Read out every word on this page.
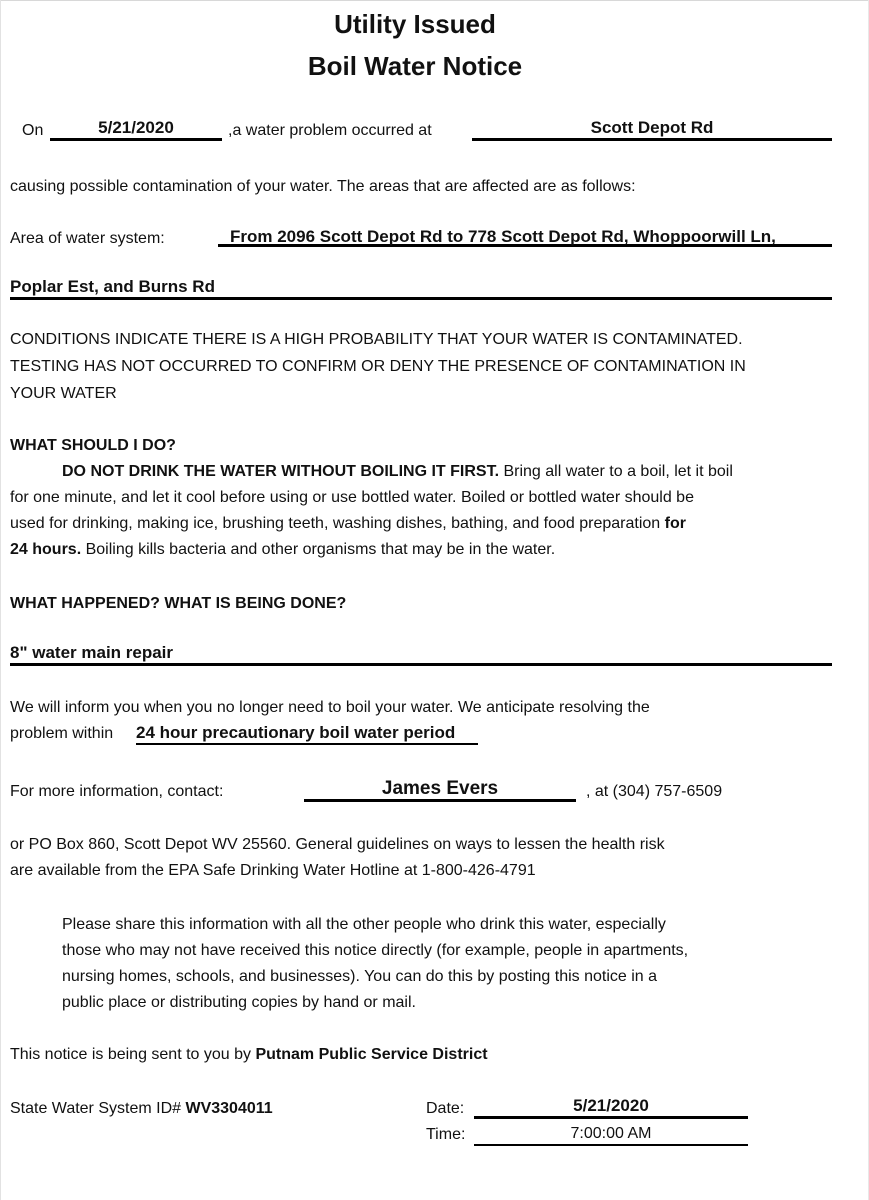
Utility Issued
Boil Water Notice
On	5/21/2020	,a water problem occurred at	Scott Depot Rd
causing possible contamination of your water. The areas that are affected are as follows:
Area of water system:	From 2096 Scott Depot Rd to 778 Scott Depot Rd, Whoppoorwill Ln,
Poplar Est, and Burns Rd
CONDITIONS INDICATE THERE IS A HIGH PROBABILITY THAT YOUR WATER IS CONTAMINATED.
TESTING HAS NOT OCCURRED TO CONFIRM OR DENY THE PRESENCE OF CONTAMINATION IN
YOUR WATER
WHAT SHOULD I DO?
DO NOT DRINK THE WATER WITHOUT BOILING IT FIRST. Bring all water to a boil, let it boil
for one minute, and let it cool before using or use bottled water. Boiled or bottled water should be
used for drinking, making ice, brushing teeth, washing dishes, bathing, and food preparation for
24 hours. Boiling kills bacteria and other organisms that may be in the water.
WHAT HAPPENED? WHAT IS BEING DONE?
8" water main repair
We will inform you when you no longer need to boil your water. We anticipate resolving the
problem within 24 hour precautionary boil water period
For more information, contact:	James Evers	, at (304) 757-6509
or PO Box 860, Scott Depot WV 25560. General guidelines on ways to lessen the health risk
are available from the EPA Safe Drinking Water Hotline at 1-800-426-4791
Please share this information with all the other people who drink this water, especially
those who may not have received this notice directly (for example, people in apartments,
nursing homes, schools, and businesses). You can do this by posting this notice in a
public place or distributing copies by hand or mail.
This notice is being sent to you by Putnam Public Service District
State Water System ID# WV3304011	Date:	5/21/2020
Time:	7:00:00 AM
